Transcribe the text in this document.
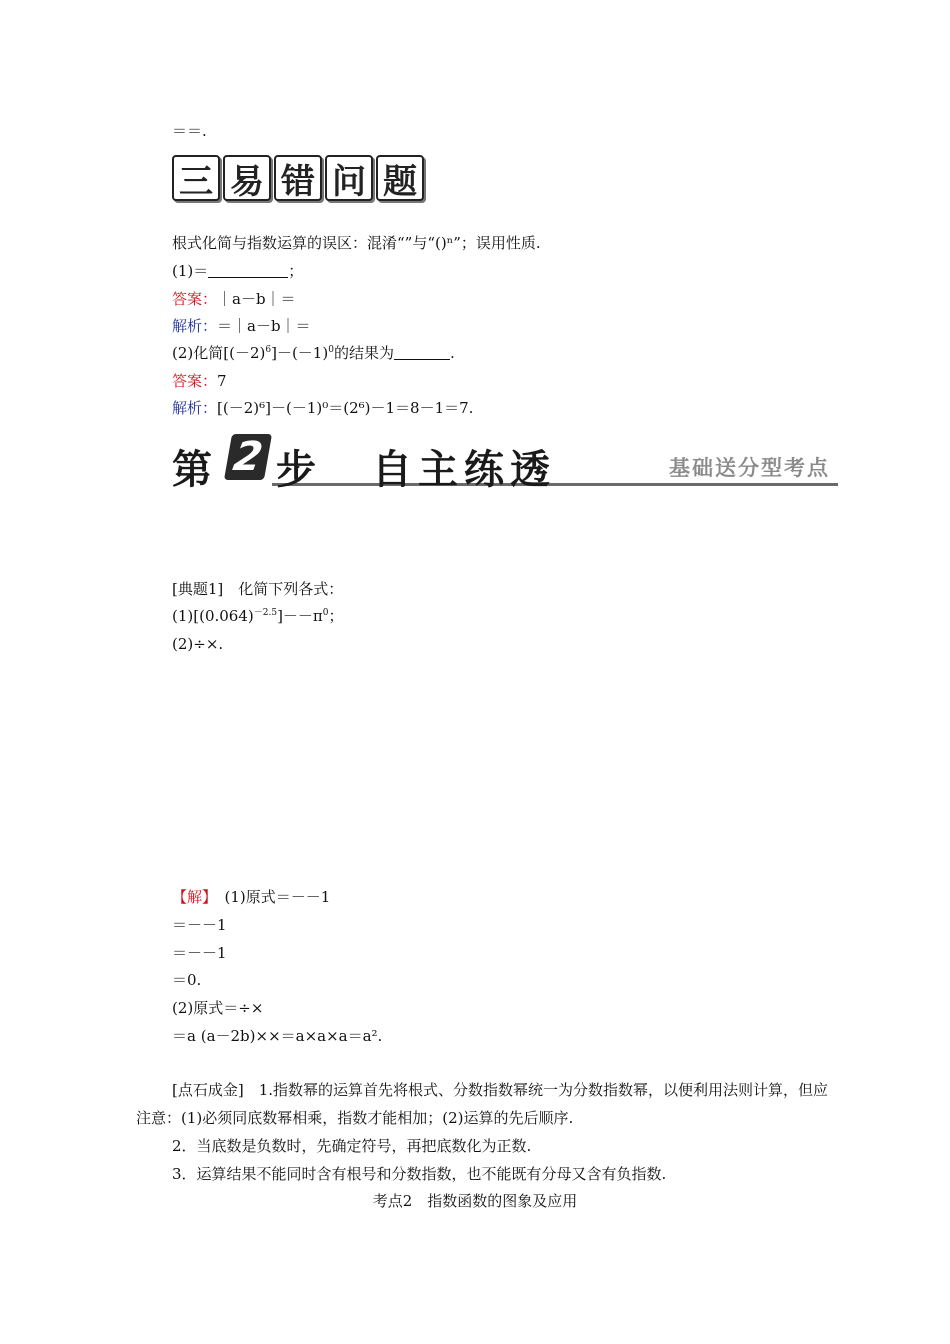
＝＝.
三 易 错 问 题
根式化简与指数运算的误区：混淆“”与“()ⁿ”；误用性质.
(1)＝	；
答案：｜a－b｜＝
解析：＝｜a－b｜＝
(2)化简$[(-2)^6]-(-1)^0$的结果为	.
答案：7
解析：[(－2)⁶]－(－1)⁰＝(2⁶)－1＝8－1＝7.
第 2 步 自主练透	基础送分型考点
[典题1]　化简下列各式：
$(1)[(0.064)^{-2.5}]--\pi^0$；
(2)÷×.
【解】　(1)原式＝－－1
＝－－1
＝－－1
＝0.
(2)原式＝÷×
＝a (a－2b)××＝a×a×a＝a².
[点石成金]　1.指数幂的运算首先将根式、分数指数幂统一为分数指数幂，以便利用法则计算，但应注意：(1)必须同底数幂相乘，指数才能相加；(2)运算的先后顺序.
2．当底数是负数时，先确定符号，再把底数化为正数.
3．运算结果不能同时含有根号和分数指数，也不能既有分母又含有负指数.
考点2　指数函数的图象及应用
